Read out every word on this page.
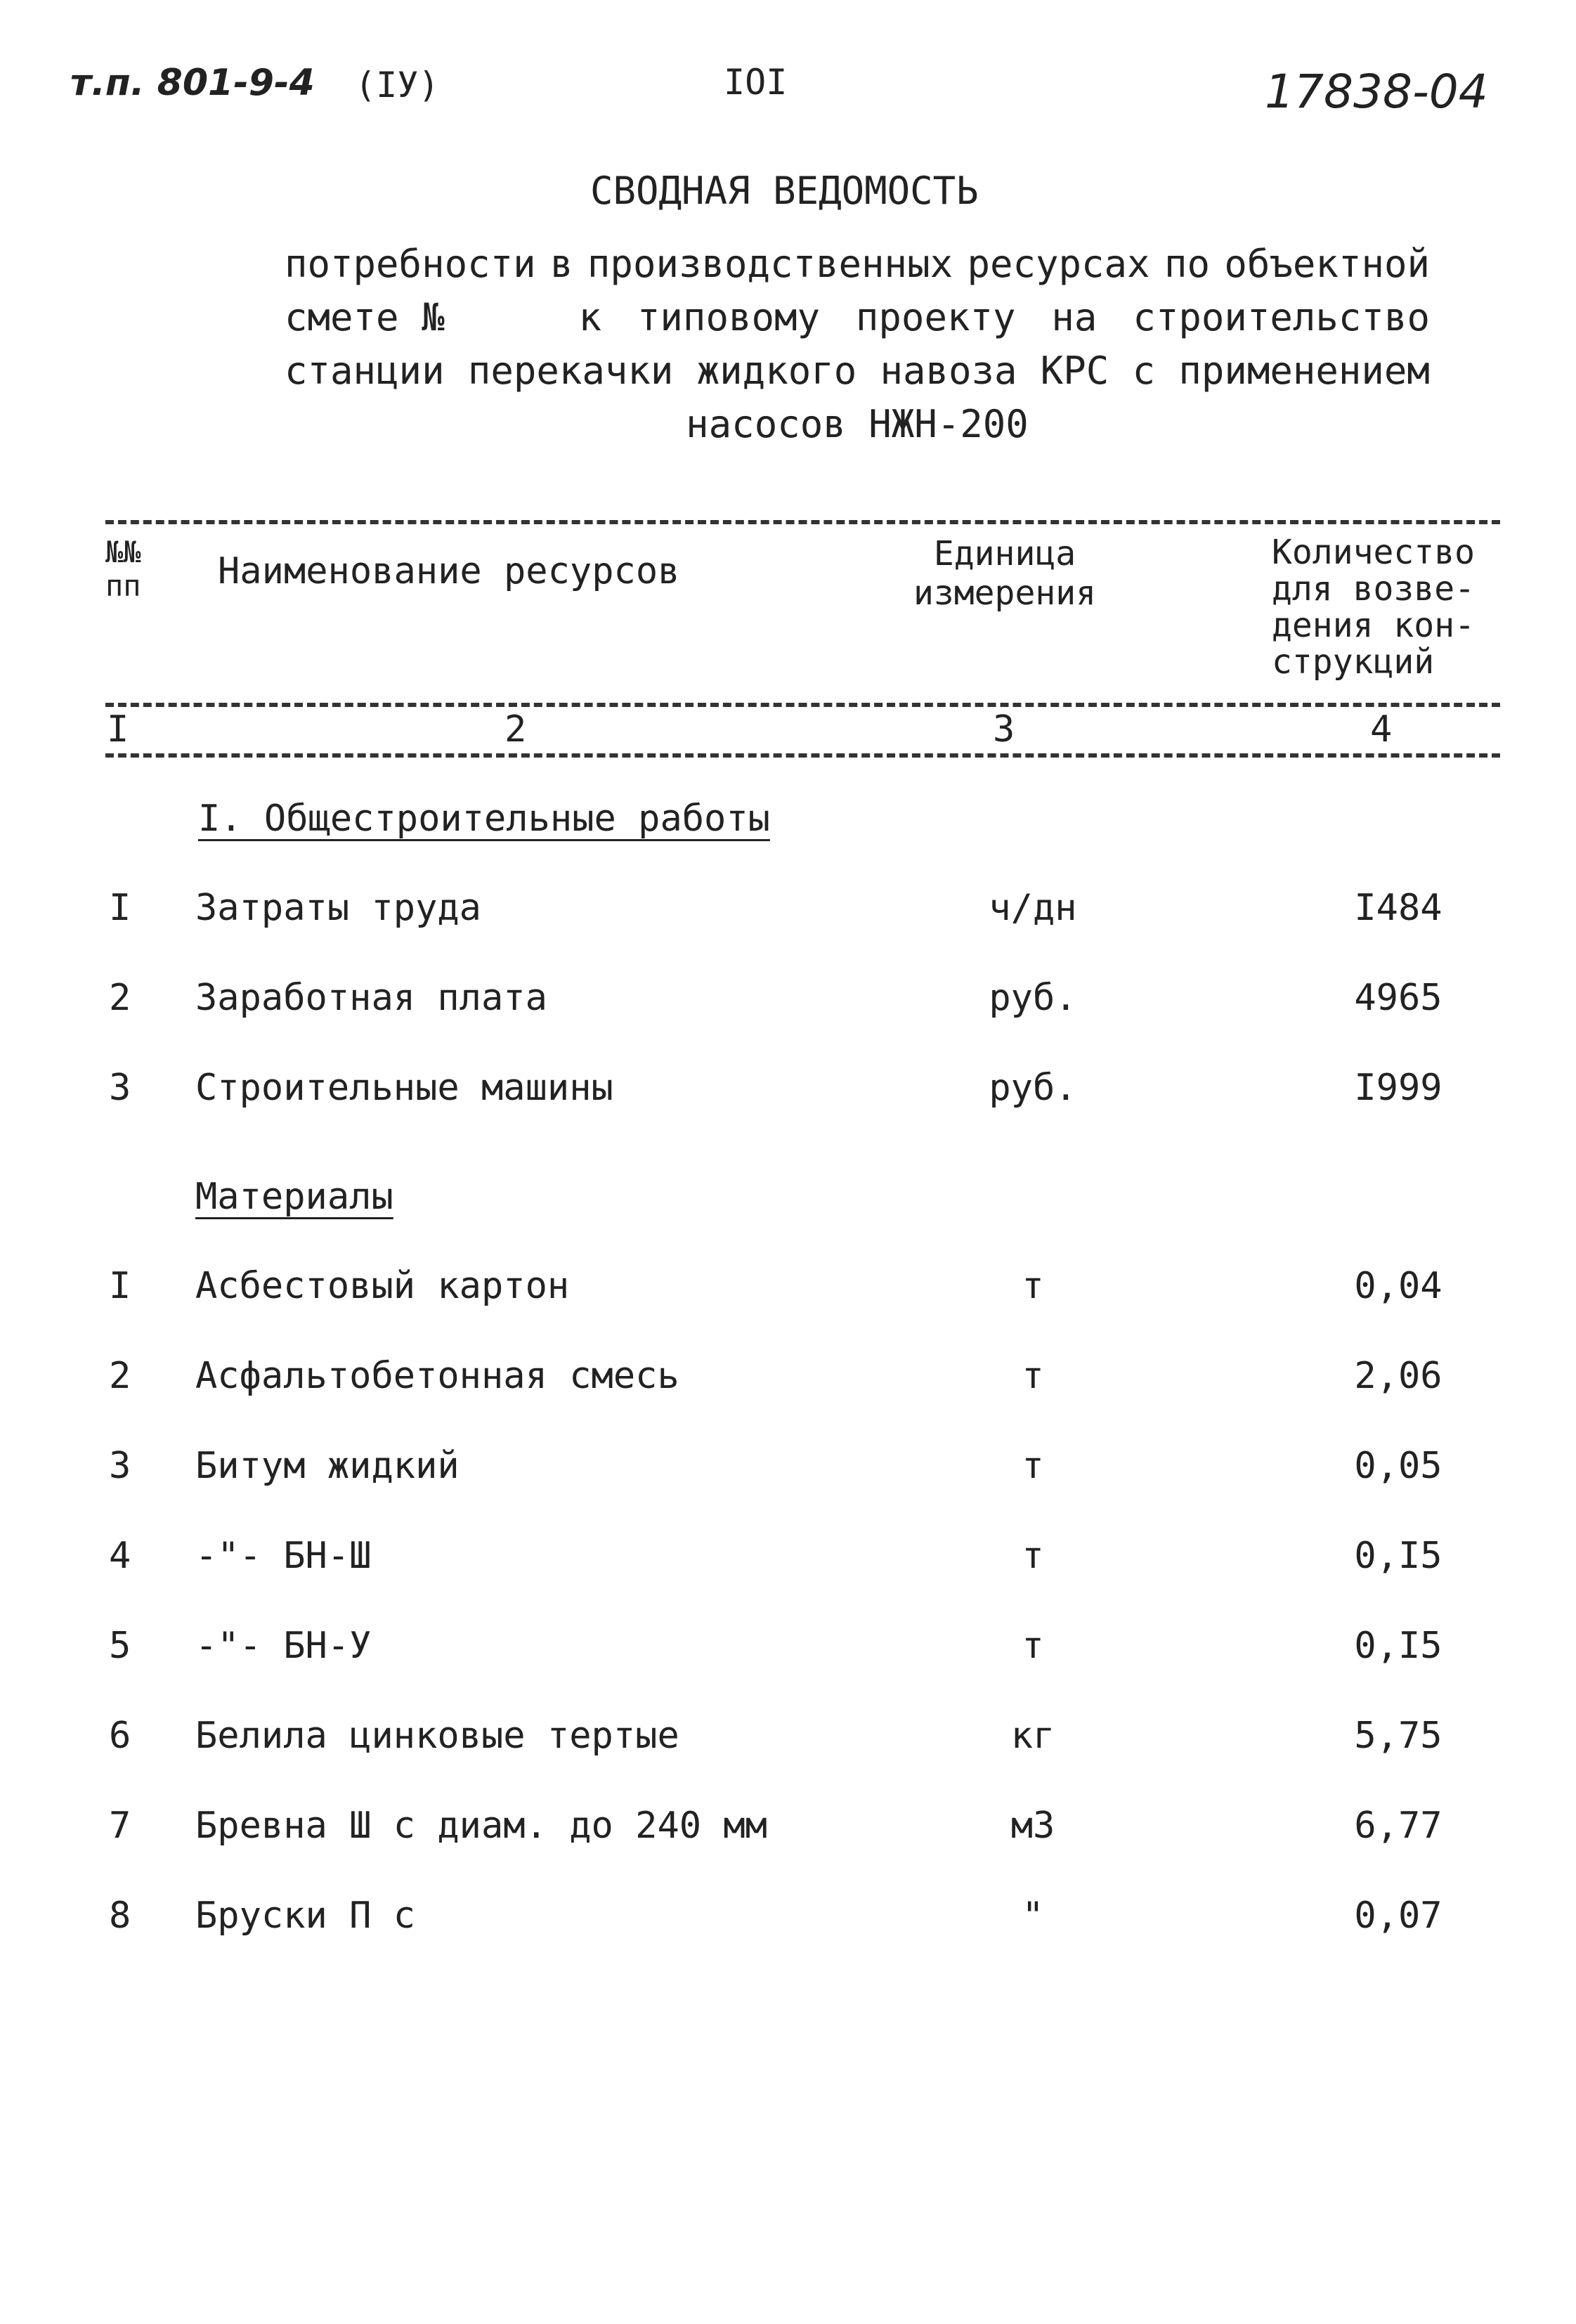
т.п. 801-9-4 (IУ)	IOI	17838-04
СВОДНАЯ ВЕДОМОСТЬ
потребности в производственных ресурсах по объектной
смете №	к типовому проекту на строительство
станции перекачки жидкого навоза КРС с применением
насосов НЖН-200
№№
пп Наименование ресурсов	Единица
измерения
Количество
для возве-
дения кон-
струкций
I	2	3	4
I. Общестроительные работы
I Затраты труда	ч/дн	I484
2 Заработная плата	руб.	4965
3 Строительные машины	руб.	I999
Материалы
I Асбестовый картон	т	0,04
2 Асфальтобетонная смесь	т	2,06
3 Битум жидкий	т	0,05
4 -"- БН-Ш	т	0,I5
5 -"- БН-У	т	0,I5
6 Белила цинковые тертые	кг	5,75
7 Бревна Ш с диам. до 240 мм	м3	6,77
8 Бруски П с	"	0,07
